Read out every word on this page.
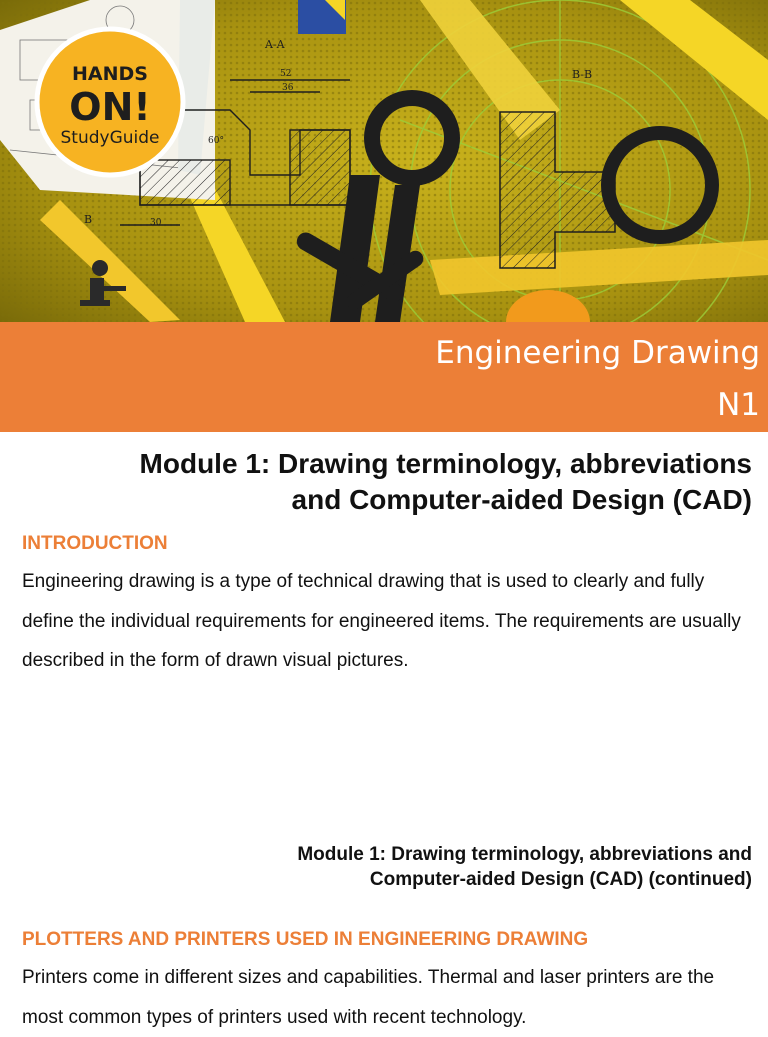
A-A
52
36
30
60°
B
B-B
HANDS
ON!
StudyGuide
Engineering Drawing
N1
Module 1: Drawing terminology, abbreviations
and Computer-aided Design (CAD)
INTRODUCTION

Engineering drawing is a type of technical drawing that is used to clearly and fully define the individual requirements for engineered items. The requirements are usually described in the form of drawn visual pictures.

Module 1: Drawing terminology, abbreviations and
Computer-aided Design (CAD) (continued)
PLOTTERS AND PRINTERS USED IN ENGINEERING DRAWING

Printers come in different sizes and capabilities. Thermal and laser printers are the most common types of printers used with recent technology.
